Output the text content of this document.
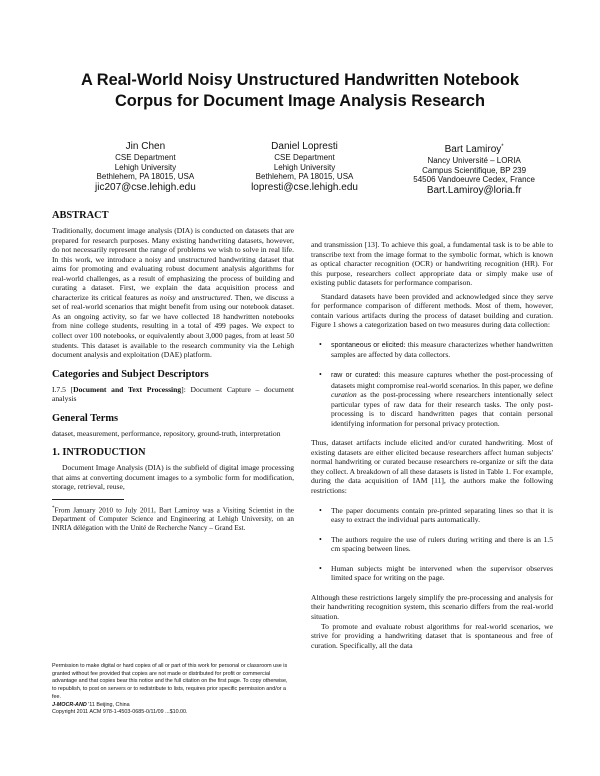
A Real-World Noisy Unstructured Handwritten Notebook
Corpus for Document Image Analysis Research
Jin Chen
CSE Department
Lehigh University
Bethlehem, PA 18015, USA
jic207@cse.lehigh.edu
Daniel Lopresti
CSE Department
Lehigh University
Bethlehem, PA 18015, USA
lopresti@cse.lehigh.edu
Bart Lamiroy*
Nancy Université – LORIA
Campus Scientifique, BP 239
54506 Vandoeuvre Cedex, France
Bart.Lamiroy@loria.fr
ABSTRACT

Traditionally, document image analysis (DIA) is conducted on datasets that are prepared for research purposes. Many existing handwriting datasets, however, do not necessarily represent the range of problems we wish to solve in real life. In this work, we introduce a noisy and unstructured handwriting dataset that aims for promoting and evaluating robust document analysis algorithms for real-world challenges, as a result of emphasizing the process of building and curating a dataset. First, we explain the data acquisition process and characterize its critical features as noisy and unstructured. Then, we discuss a set of real-world scenarios that might benefit from using our notebook dataset. As an ongoing activity, so far we have collected 18 handwritten notebooks from nine college students, resulting in a total of 499 pages. We expect to collect over 100 notebooks, or equivalently about 3,000 pages, from at least 50 students. This dataset is available to the research community via the Lehigh document analysis and exploitation (DAE) platform.

Categories and Subject Descriptors

I.7.5 [Document and Text Processing]: Document Capture – document analysis

General Terms

dataset, measurement, performance, repository, ground-truth, interpretation

1. INTRODUCTION

Document Image Analysis (DIA) is the subfield of digital image processing that aims at converting document images to a symbolic form for modification, storage, retrieval, reuse,

*From January 2010 to July 2011, Bart Lamiroy was a Visiting Scientist in the Department of Computer Science and Engineering at Lehigh University, on an INRIA délégation with the Unité de Recherche Nancy – Grand Est.

Permission to make digital or hard copies of all or part of this work for personal or classroom use is granted without fee provided that copies are not made or distributed for profit or commercial advantage and that copies bear this notice and the full citation on the first page. To copy otherwise, to republish, to post on servers or to redistribute to lists, requires prior specific permission and/or a fee.

J-MOCR-AND '11 Beijing, China

Copyright 2011 ACM 978-1-4503-0685-0/11/09 ...$10.00.

and transmission [13]. To achieve this goal, a fundamental task is to be able to transcribe text from the image format to the symbolic format, which is known as optical character recognition (OCR) or handwriting recognition (HR). For this purpose, researchers collect appropriate data or simply make use of existing public datasets for performance comparison.

Standard datasets have been provided and acknowledged since they serve for performance comparison of different methods. Most of them, however, contain various artifacts during the process of dataset building and curation. Figure 1 shows a categorization based on two measures during data collection:

• spontaneous or elicited: this measure characterizes whether handwritten samples are affected by data collectors.
• raw or curated: this measure captures whether the post-processing of datasets might compromise real-world scenarios. In this paper, we define curation as the post-processing where researchers intentionally select particular types of raw data for their research tasks. The only post-processing is to discard handwritten pages that contain personal identifying information for personal privacy protection.

Thus, dataset artifacts include elicited and/or curated handwriting. Most of existing datasets are either elicited because researchers affect human subjects' normal handwriting or curated because researchers re-organize or sift the data they collect. A breakdown of all these datasets is listed in Table 1. For example, during the data acquisition of IAM [11], the authors make the following restrictions:

• The paper documents contain pre-printed separating lines so that it is easy to extract the individual parts automatically.
• The authors require the use of rulers during writing and there is an 1.5 cm spacing between lines.
• Human subjects might be intervened when the supervisor observes limited space for writing on the page.

Although these restrictions largely simplify the pre-processing and analysis for their handwriting recognition system, this scenario differs from the real-world situation.

To promote and evaluate robust algorithms for real-world scenarios, we strive for providing a handwriting dataset that is spontaneous and free of curation. Specifically, all the data
